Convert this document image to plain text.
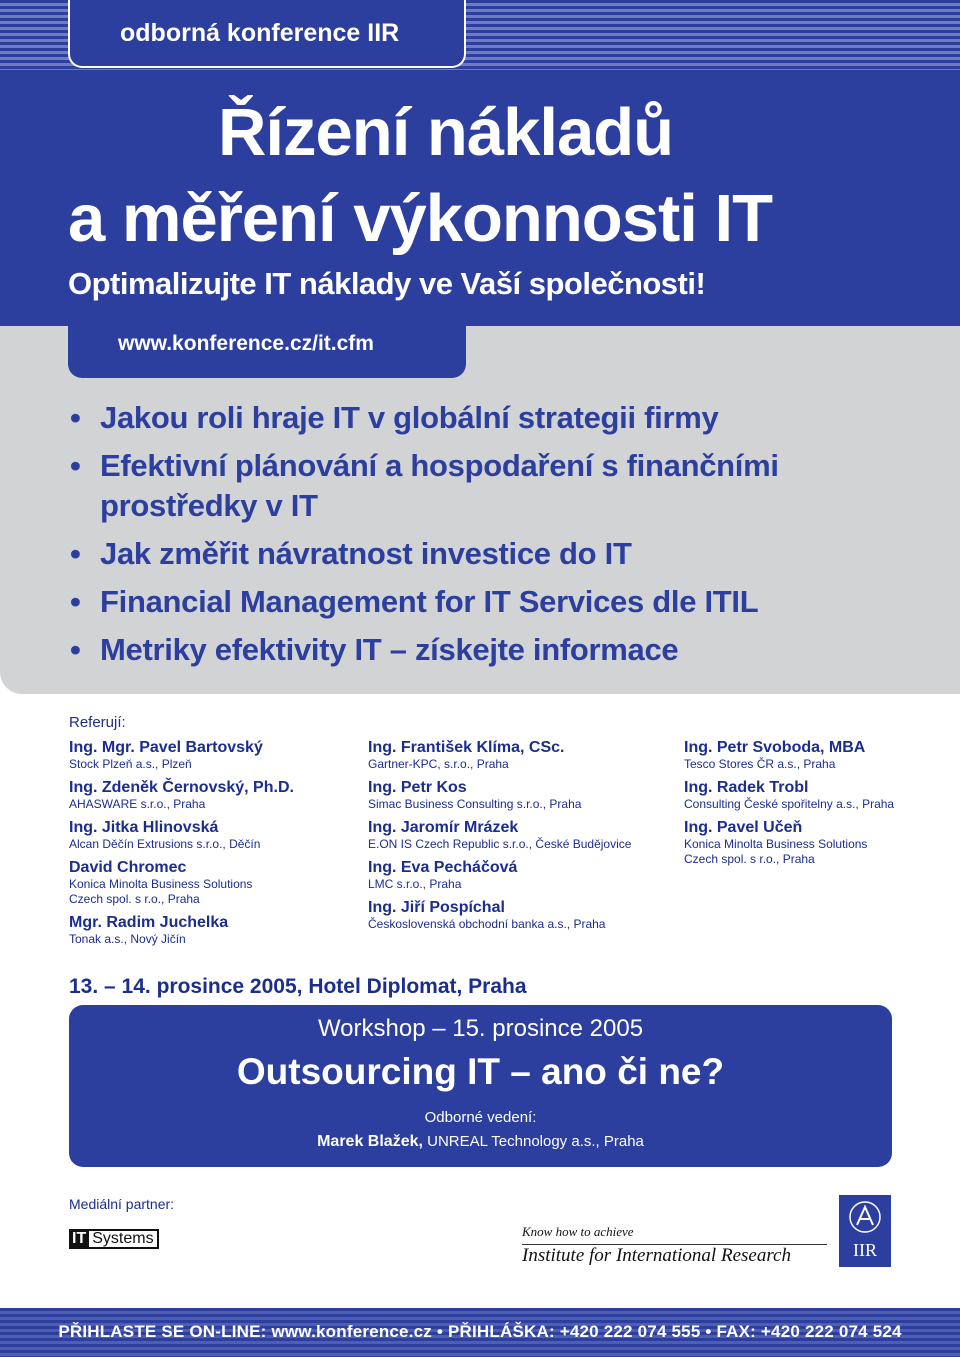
odborná konference IIR
Řízení nákladů
a měření výkonnosti IT
Optimalizujte IT náklady ve Vaší společnosti!
www.konference.cz/it.cfm
• Jakou roli hraje IT v globální strategii firmy
• Efektivní plánování a hospodaření s finančními prostředky v IT
• Jak změřit návratnost investice do IT
• Financial Management for IT Services dle ITIL
• Metriky efektivity IT – získejte informace
Referují:
Ing. Mgr. Pavel Bartovský
Stock Plzeň a.s., Plzeň
Ing. Zdeněk Černovský, Ph.D.
AHASWARE s.r.o., Praha
Ing. Jitka Hlinovská
Alcan Děčín Extrusions s.r.o., Děčín
David Chromec
Konica Minolta Business Solutions
Czech spol. s r.o., Praha
Mgr. Radim Juchelka
Tonak a.s., Nový Jičín
Ing. František Klíma, CSc.
Gartner-KPC, s.r.o., Praha
Ing. Petr Kos
Simac Business Consulting s.r.o., Praha
Ing. Jaromír Mrázek
E.ON IS Czech Republic s.r.o., České Budějovice
Ing. Eva Pecháčová
LMC s.r.o., Praha
Ing. Jiří Pospíchal
Československá obchodní banka a.s., Praha
Ing. Petr Svoboda, MBA
Tesco Stores ČR a.s., Praha
Ing. Radek Trobl
Consulting České spořitelny a.s., Praha
Ing. Pavel Učeň
Konica Minolta Business Solutions
Czech spol. s r.o., Praha
13. – 14. prosince 2005, Hotel Diplomat, Praha
Workshop – 15. prosince 2005
Outsourcing IT – ano či ne?
Odborné vedení:
Marek Blažek, UNREAL Technology a.s., Praha
Mediální partner:
IT Systems	Know how to achieve
Institute for International Research	IIR
PŘIHLASTE SE ON-LINE: www.konference.cz • PŘIHLÁŠKA: +420 222 074 555 • FAX: +420 222 074 524
